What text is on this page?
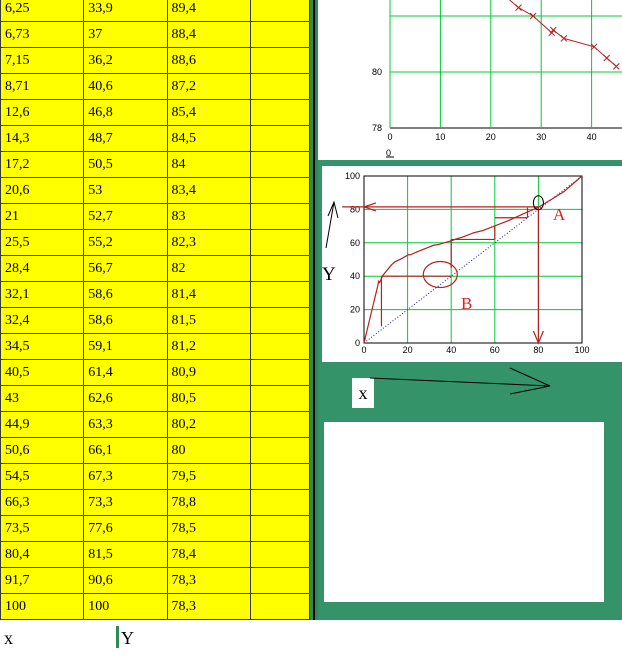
6,25	33,9	89,4	
6,73	37	88,4	
7,15	36,2	88,6	
8,71	40,6	87,2	
12,6	46,8	85,4	
14,3	48,7	84,5	
17,2	50,5	84	
20,6	53	83,4	
21	52,7	83	
25,5	55,2	82,3	
28,4	56,7	82	
32,1	58,6	81,4	
32,4	58,6	81,5	
34,5	59,1	81,2	
40,5	61,4	80,9	
43	62,6	80,5	
44,9	63,3	80,2	
50,6	66,1	80	
54,5	67,3	79,5	
66,3	73,3	78,8	
73,5	77,6	78,5	
80,4	81,5	78,4	
91,7	90,6	78,3	
100	100	78,3	
0	10	20	30	40
80
78
0
0	20	40	60	80	100
0
20
40
60
80
100
A
B
Y
x
x	Y
